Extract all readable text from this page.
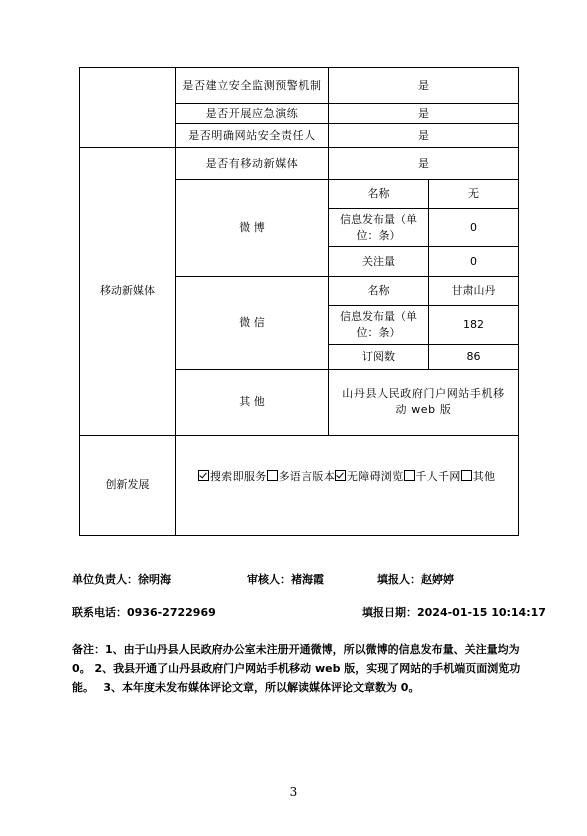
	是否建立安全监测预警机制	是	
	是否开展应急演练	是	
	是否明确网站安全责任人	是	
移动新媒体	是否有移动新媒体	是	
	微 博	名称	无
		信息发布量（单位：条）	0
		关注量	0
	微 信	名称	甘肃山丹
		信息发布量（单位：条）	182
		订阅数	86
	其 他	山丹县人民政府门户网站手机移动 web 版	
创新发展	搜索即服务 多语言版本 无障碍浏览 千人千网 其他		
单位负责人：徐明海	审核人：褚海霞	填报人：赵婷婷
联系电话：0936-2722969	填报日期：2024-01-15 10:14:17
备注：1、由于山丹县人民政府办公室未注册开通微博，所以微博的信息发布量、关注量均为 0。 2、我县开通了山丹县政府门户网站手机移动 web 版，实现了网站的手机端页面浏览功能。　 3、本年度未发布媒体评论文章，所以解读媒体评论文章数为 0。
3
